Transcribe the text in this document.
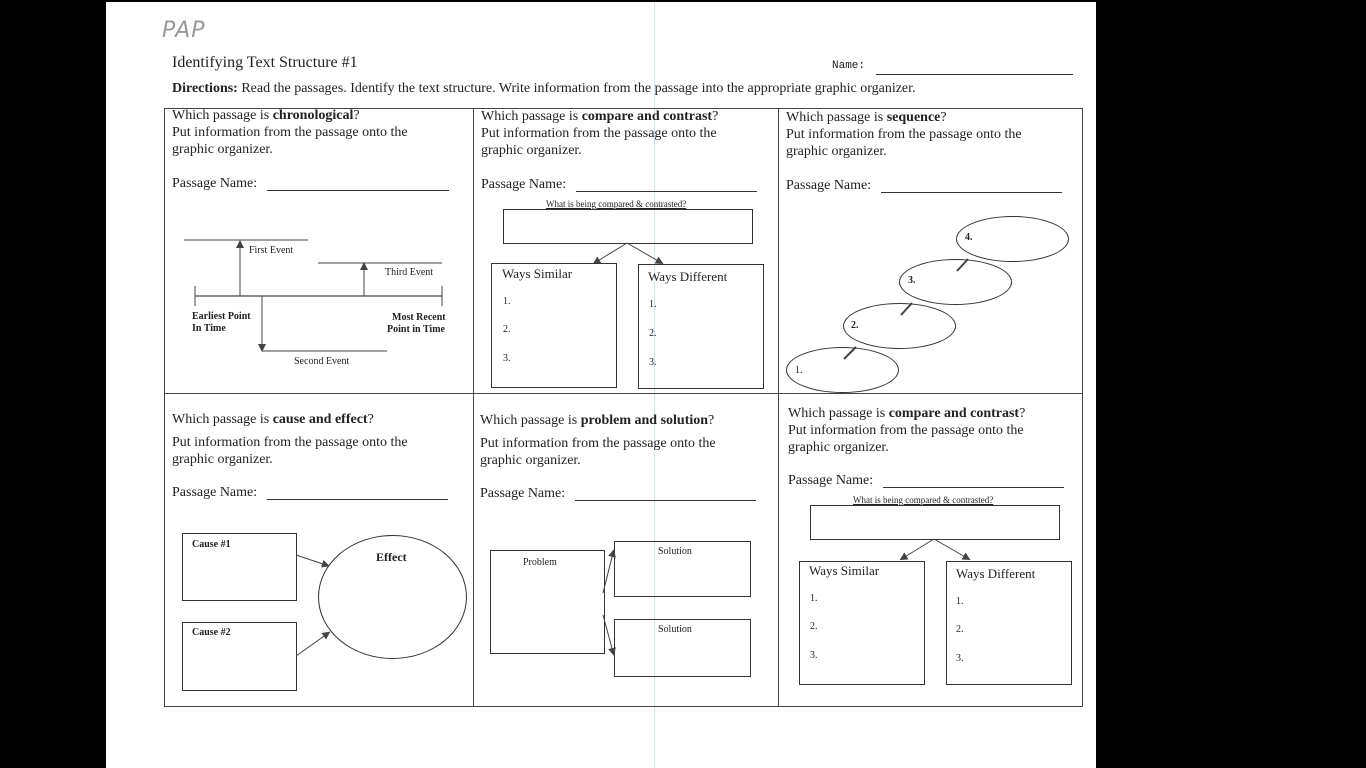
PAP
Identifying Text Structure #1	Name:
Directions: Read the passages. Identify the text structure. Write information from the passage into the appropriate graphic organizer.
Which passage is chronological?
Put information from the passage onto the
graphic organizer.
Passage Name:
First Event
Third Event
Earliest Point
In Time
Most Recent
Point in Time
Second Event
Which passage is compare and contrast?
Put information from the passage onto the
graphic organizer.
Passage Name:
What is being compared & contrasted?
Ways Similar	Ways Different
1.
2.
3.
1.
2.
3.
Which passage is sequence?
Put information from the passage onto the
graphic organizer.
Passage Name:
1.
2.
3.
4.
Which passage is cause and effect?
Put information from the passage onto the
graphic organizer.
Passage Name:
Cause #1
Cause #2
Effect
Which passage is problem and solution?
Put information from the passage onto the
graphic organizer.
Passage Name:
Problem
Solution
Solution
Which passage is compare and contrast?
Put information from the passage onto the
graphic organizer.
Passage Name:
What is being compared & contrasted?
Ways Similar	Ways Different
1.
2.
3.
1.
2.
3.
